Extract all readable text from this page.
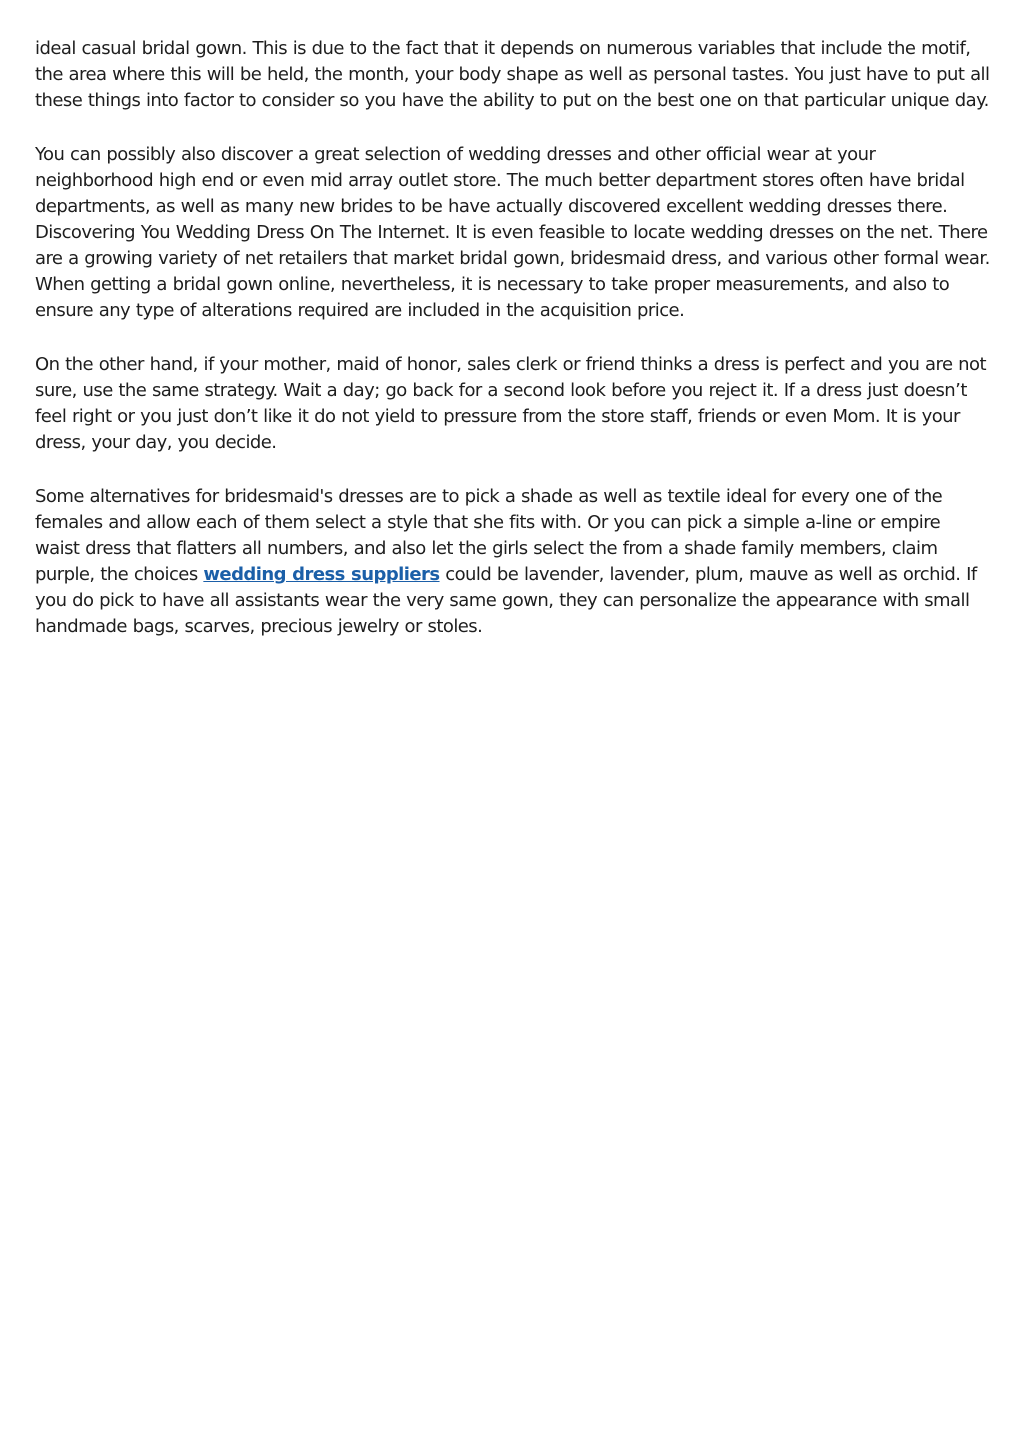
ideal casual bridal gown. This is due to the fact that it depends on numerous variables that include the motif, the area where this will be held, the month, your body shape as well as personal tastes. You just have to put all these things into factor to consider so you have the ability to put on the best one on that particular unique day.

You can possibly also discover a great selection of wedding dresses and other official wear at your neighborhood high end or even mid array outlet store. The much better department stores often have bridal departments, as well as many new brides to be have actually discovered excellent wedding dresses there. Discovering You Wedding Dress On The Internet. It is even feasible to locate wedding dresses on the net. There are a growing variety of net retailers that market bridal gown, bridesmaid dress, and various other formal wear. When getting a bridal gown online, nevertheless, it is necessary to take proper measurements, and also to ensure any type of alterations required are included in the acquisition price.

On the other hand, if your mother, maid of honor, sales clerk or friend thinks a dress is perfect and you are not sure, use the same strategy. Wait a day; go back for a second look before you reject it. If a dress just doesn’t feel right or you just don’t like it do not yield to pressure from the store staff, friends or even Mom. It is your dress, your day, you decide.

Some alternatives for bridesmaid's dresses are to pick a shade as well as textile ideal for every one of the females and allow each of them select a style that she fits with. Or you can pick a simple a-line or empire waist dress that flatters all numbers, and also let the girls select the from a shade family members, claim purple, the choices wedding dress suppliers could be lavender, lavender, plum, mauve as well as orchid. If you do pick to have all assistants wear the very same gown, they can personalize the appearance with small handmade bags, scarves, precious jewelry or stoles.
